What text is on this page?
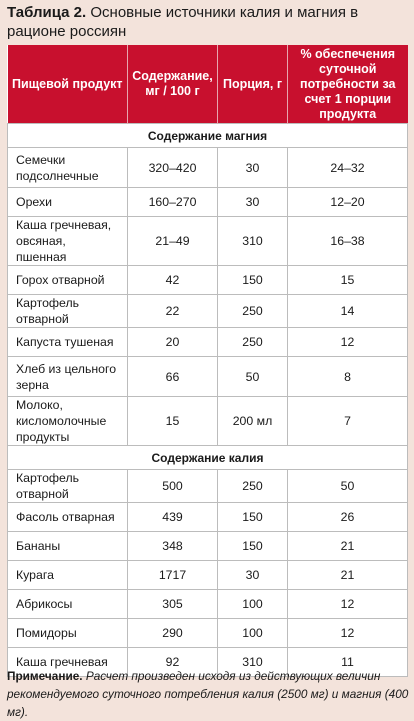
Таблица 2. Основные источники калия и магния в рационе россиян
Пищевой продукт	Содержание, мг / 100 г	Порция, г	% обеспечения суточной потребности за счет 1 порции продукта
Содержание магния			
Семечки подсолнечные	320–420	30	24–32
Орехи	160–270	30	12–20
Каша гречневая, овсяная, пшенная	21–49	310	16–38
Горох отварной	42	150	15
Картофель отварной	22	250	14
Капуста тушеная	20	250	12
Хлеб из цельного зерна	66	50	8
Молоко, кисломолочные продукты	15	200 мл	7
Содержание калия			
Картофель отварной	500	250	50
Фасоль отварная	439	150	26
Бананы	348	150	21
Курага	1717	30	21
Абрикосы	305	100	12
Помидоры	290	100	12
Каша гречневая	92	310	11
Примечание. Расчет произведен исходя из действующих величин рекомендуемого суточного потребления калия (2500 мг) и магния (400 мг).
